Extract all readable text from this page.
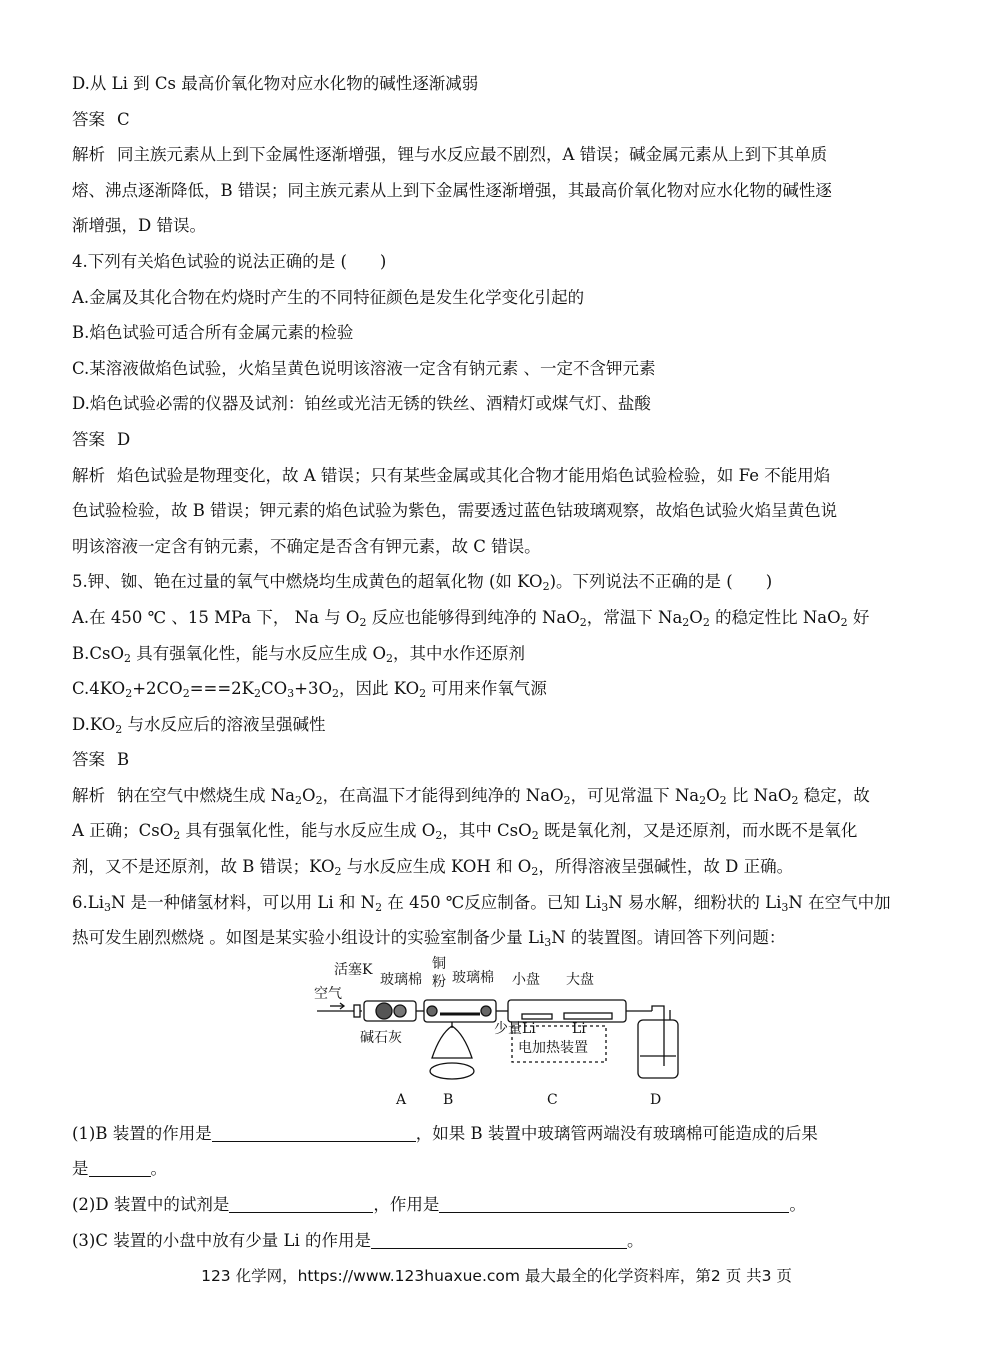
D.从 Li 到 Cs 最高价氧化物对应水化物的碱性逐渐减弱

答案 C

解析 同主族元素从上到下金属性逐渐增强，锂与水反应最不剧烈，A 错误；碱金属元素从上到下其单质

熔、沸点逐渐降低，B 错误；同主族元素从上到下金属性逐渐增强，其最高价氧化物对应水化物的碱性逐

渐增强，D 错误。

4.下列有关焰色试验的说法正确的是 (　　)

A.金属及其化合物在灼烧时产生的不同特征颜色是发生化学变化引起的

B.焰色试验可适合所有金属元素的检验

C.某溶液做焰色试验，火焰呈黄色说明该溶液一定含有钠元素 、一定不含钾元素

D.焰色试验必需的仪器及试剂：铂丝或光洁无锈的铁丝、酒精灯或煤气灯、盐酸

答案 D

解析 焰色试验是物理变化，故 A 错误；只有某些金属或其化合物才能用焰色试验检验，如 Fe 不能用焰

色试验检验，故 B 错误；钾元素的焰色试验为紫色，需要透过蓝色钴玻璃观察，故焰色试验火焰呈黄色说

明该溶液一定含有钠元素，不确定是否含有钾元素，故 C 错误。

5.钾、铷、铯在过量的氧气中燃烧均生成黄色的超氧化物 (如 $KO_2$)。下列说法不正确的是 (　　)

A.在 450 ℃ 、15 MPa 下， Na 与 $O_2$ 反应也能够得到纯净的 NaO$_2$，常温下 $Na_2O_2$ 的稳定性比 NaO$_2$ 好

B.CsO$_2$ 具有强氧化性，能与水反应生成 $O_2$，其中水作还原剂

$C.4KO_2+2CO_2===2K_2CO_3+3O_2$，因此 $KO_2$ 可用来作氧气源

$D.KO_2$ 与水反应后的溶液呈强碱性

答案 B

解析 钠在空气中燃烧生成 $Na_2O_2$，在高温下才能得到纯净的 NaO$_2$，可见常温下 $Na_2O_2$ 比 NaO$_2$ 稳定，故

A 正确；CsO$_2$ 具有强氧化性，能与水反应生成 $O_2$，其中 CsO$_2$ 既是氧化剂，又是还原剂，而水既不是氧化

剂，又不是还原剂，故 B 错误；$KO_2$ 与水反应生成 KOH 和 $O_2$，所得溶液呈强碱性，故 D 正确。

$6.Li_3N$ 是一种储氢材料，可以用 Li 和 $N_2$ 在 450 ℃反应制备。已知 $Li_3N$ 易水解，细粉状的 $Li_3N$ 在空气中加

热可发生剧烈燃烧 。如图是某实验小组设计的实验室制备少量 $Li_3N$ 的装置图。请回答下列问题：

活塞K
空气
玻璃棉
铜
粉 玻璃棉 小盘 大盘
少量Li	Li
电加热装置
碱石灰
A	B	C	D

(1)B 装置的作用是	，如果 B 装置中玻璃管两端没有玻璃棉可能造成的后果

是	。

(2)D 装置中的试剂是	，作用是	。

(3)C 装置的小盘中放有少量 Li 的作用是	。

123 化学网，https://www.123huaxue.com 最大最全的化学资料库，第2 页 共3 页
